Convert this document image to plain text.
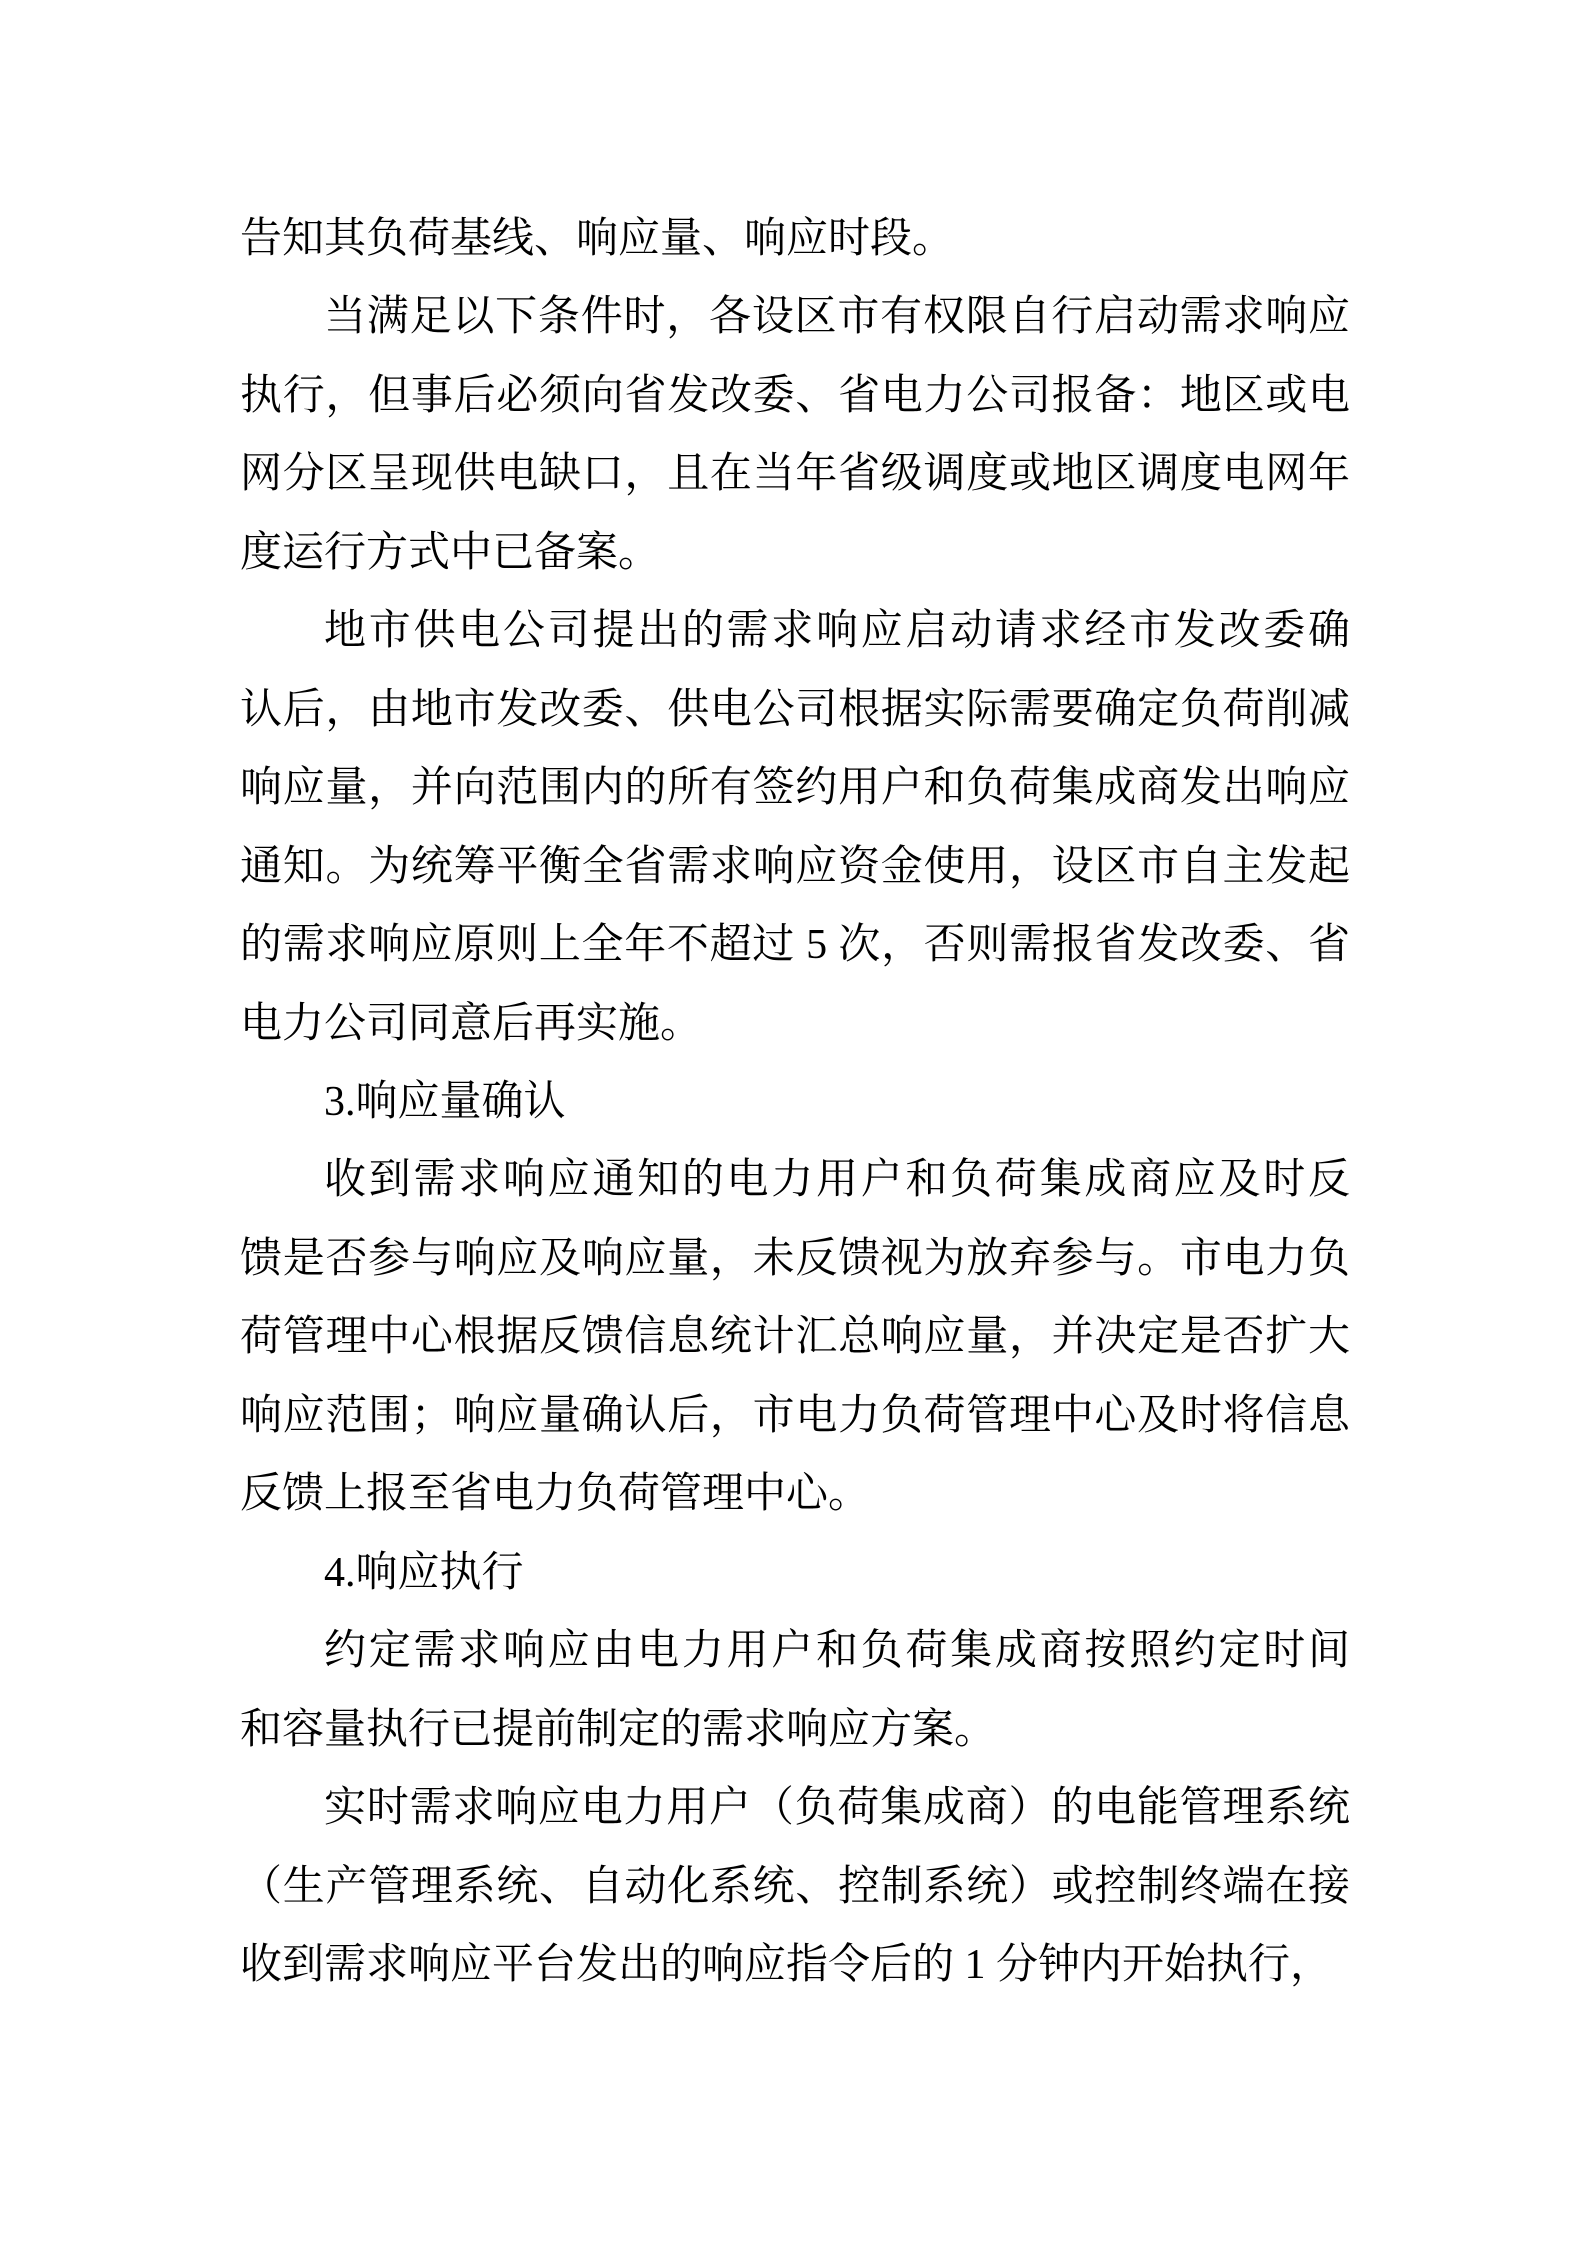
告知其负荷基线、响应量、响应时段。
当满足以下条件时，各设区市有权限自行启动需求响应
执行，但事后必须向省发改委、省电力公司报备：地区或电
网分区呈现供电缺口，且在当年省级调度或地区调度电网年
度运行方式中已备案。
地市供电公司提出的需求响应启动请求经市发改委确
认后，由地市发改委、供电公司根据实际需要确定负荷削减
响应量，并向范围内的所有签约用户和负荷集成商发出响应
通知。为统筹平衡全省需求响应资金使用，设区市自主发起
的需求响应原则上全年不超过 5 次，否则需报省发改委、省
电力公司同意后再实施。
3.响应量确认
收到需求响应通知的电力用户和负荷集成商应及时反
馈是否参与响应及响应量，未反馈视为放弃参与。市电力负
荷管理中心根据反馈信息统计汇总响应量，并决定是否扩大
响应范围；响应量确认后，市电力负荷管理中心及时将信息
反馈上报至省电力负荷管理中心。
4.响应执行
约定需求响应由电力用户和负荷集成商按照约定时间
和容量执行已提前制定的需求响应方案。
实时需求响应电力用户（负荷集成商）的电能管理系统
（生产管理系统、自动化系统、控制系统）或控制终端在接
收到需求响应平台发出的响应指令后的 1 分钟内开始执行，
